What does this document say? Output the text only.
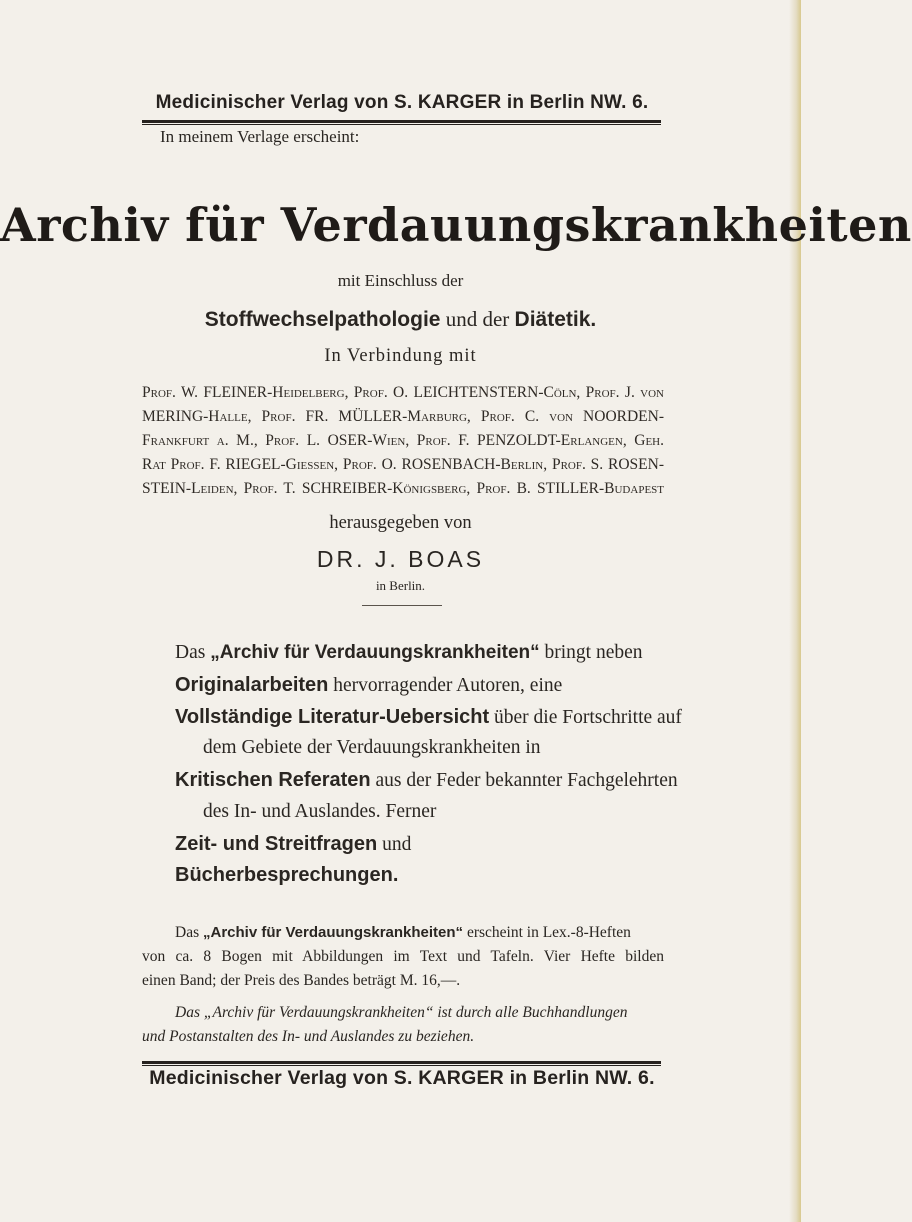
Medicinischer Verlag von S. KARGER in Berlin NW. 6.
In meinem Verlage erscheint:
Archiv für Verdauungskrankheiten
mit Einschluss der
Stoffwechselpathologie und der Diätetik.
In Verbindung mit
Prof. W. FLEINER-Heidelberg, Prof. O. LEICHTENSTERN-Cöln, Prof. J. von
MERING-Halle, Prof. FR. MÜLLER-Marburg, Prof. C. von NOORDEN-
Frankfurt a. M., Prof. L. OSER-Wien, Prof. F. PENZOLDT-Erlangen, Geh.
Rat Prof. F. RIEGEL-Giessen, Prof. O. ROSENBACH-Berlin, Prof. S. ROSEN-
STEIN-Leiden, Prof. T. SCHREIBER-Königsberg, Prof. B. STILLER-Budapest
herausgegeben von
DR. J. BOAS
in Berlin.
Das „Archiv für Verdauungskrankheiten“ bringt neben
Originalarbeiten hervorragender Autoren, eine
Vollständige Literatur-Uebersicht über die Fortschritte auf
dem Gebiete der Verdauungskrankheiten in
Kritischen Referaten aus der Feder bekannter Fachgelehrten
des In- und Auslandes. Ferner
Zeit- und Streitfragen und
Bücherbesprechungen.
Das „Archiv für Verdauungskrankheiten“ erscheint in Lex.-8-Heften
von ca. 8 Bogen mit Abbildungen im Text und Tafeln. Vier Hefte bilden
einen Band; der Preis des Bandes beträgt M. 16,—.
Das „Archiv für Verdauungskrankheiten“ ist durch alle Buchhandlungen
und Postanstalten des In- und Auslandes zu beziehen.
Medicinischer Verlag von S. KARGER in Berlin NW. 6.
